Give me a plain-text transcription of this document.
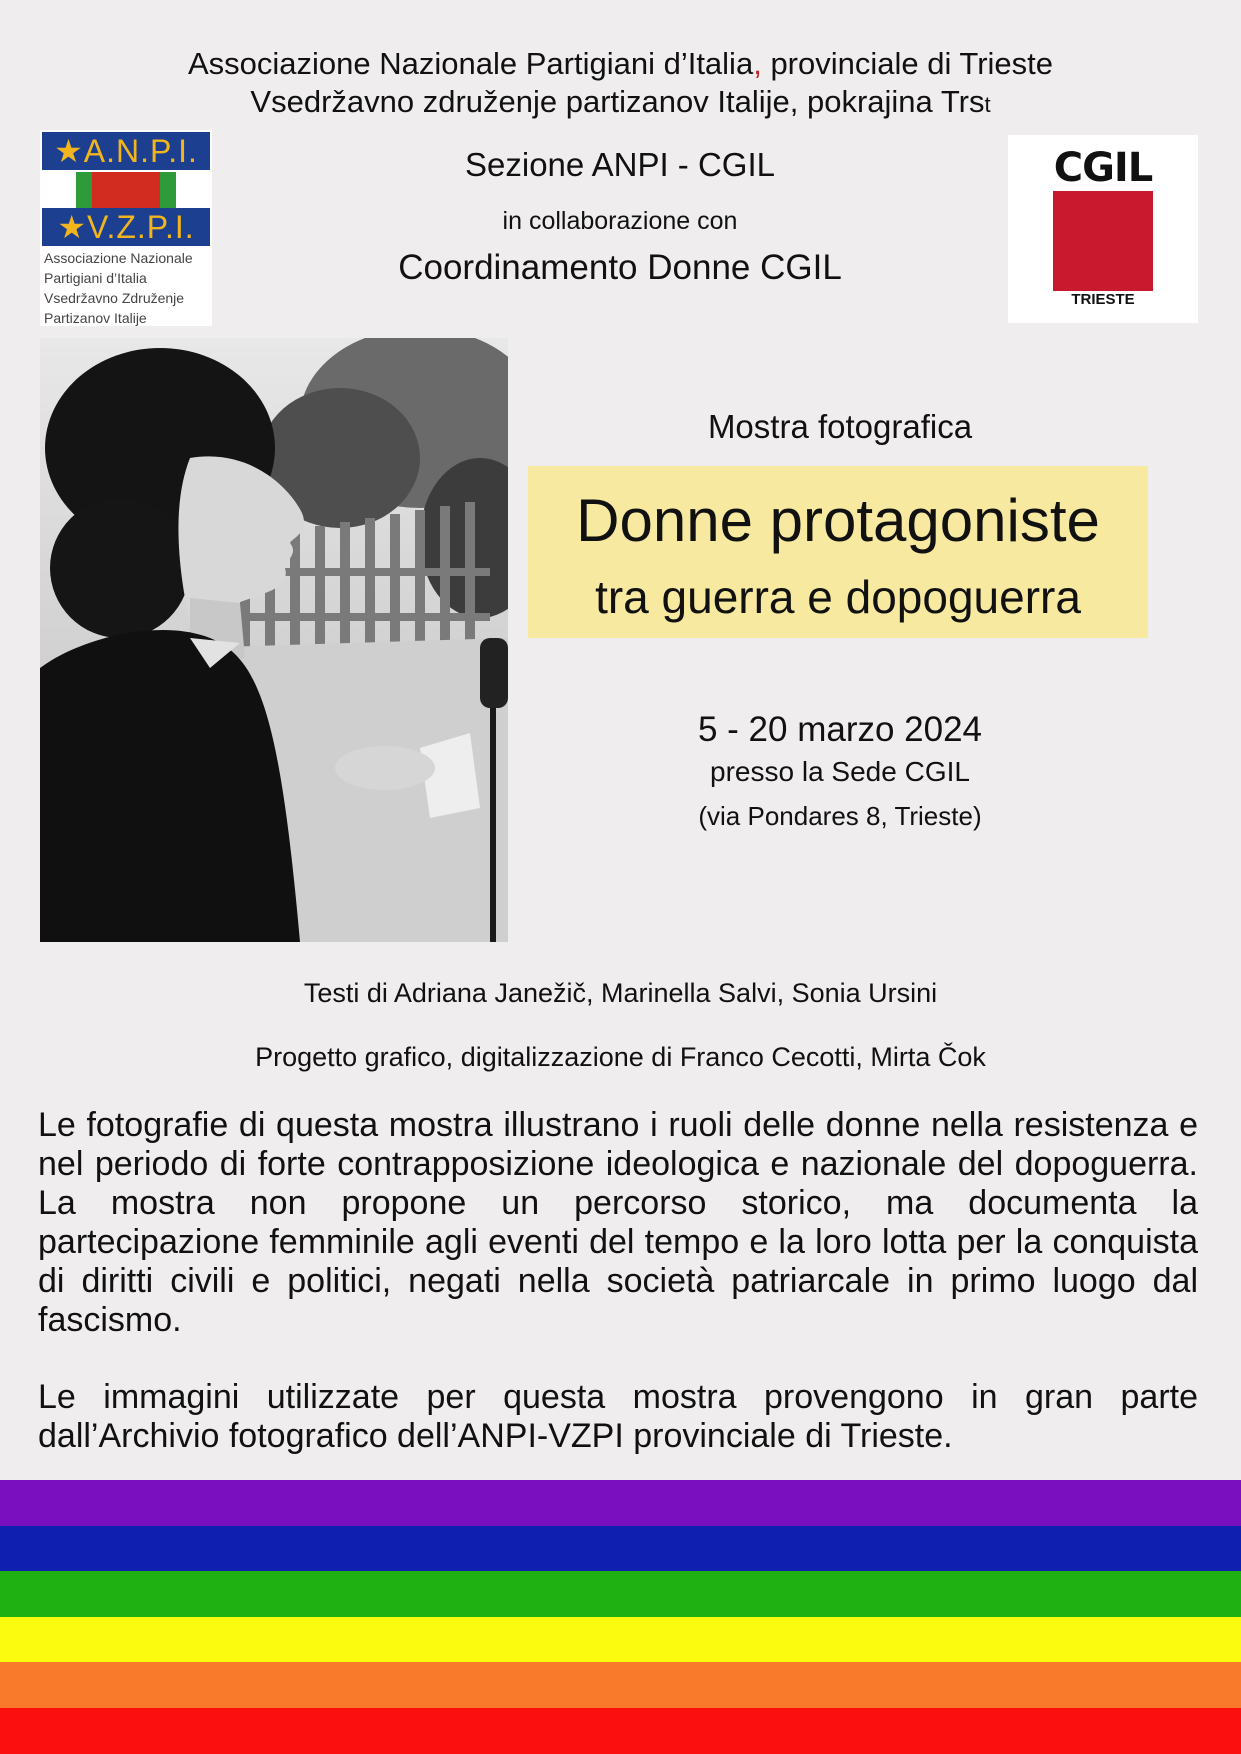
Associazione Nazionale Partigiani d’Italia, provinciale di Trieste
Vsedržavno združenje partizanov Italije, pokrajina Trst
★A.N.P.I.
★V.Z.P.I.
Associazione Nazionale
Partigiani d’Italia
Vsedržavno Združenje
Partizanov Italije
Sezione ANPI - CGIL
in collaborazione con
Coordinamento Donne CGIL
CGIL
TRIESTE
Mostra fotografica
Donne protagoniste
tra guerra e dopoguerra
5 - 20 marzo 2024
presso la Sede CGIL
(via Pondares 8, Trieste)
Testi di Adriana Janežič, Marinella Salvi, Sonia Ursini
Progetto grafico, digitalizzazione di Franco Cecotti, Mirta Čok
Le fotografie di questa mostra illustrano i ruoli delle donne nella resistenza e nel periodo di forte contrapposizione ideologica e nazionale del dopoguerra. La mostra non propone un percorso storico, ma documenta la partecipazione femminile agli eventi del tempo e la loro lotta per la conquista di diritti civili e politici, negati nella società patriarcale in primo luogo dal fascismo.
Le immagini utilizzate per questa mostra provengono in gran parte dall’Archivio fotografico dell’ANPI-VZPI provinciale di Trieste.
